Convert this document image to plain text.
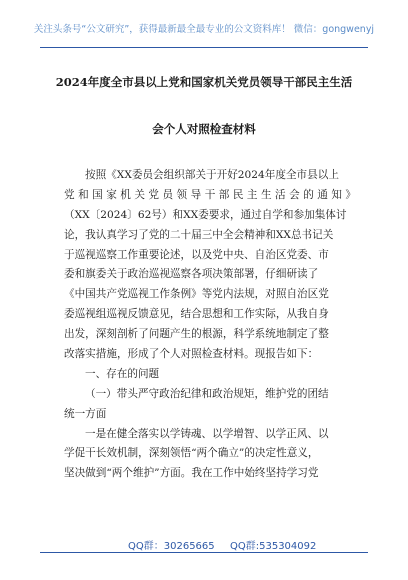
关注头条号“公文研究”，获得最新最全最专业的公文资料库！ 微信：gongwenyj
2024年度全市县以上党和国家机关党员领导干部民主生活
会个人对照检查材料
按照《XX委员会组织部关于开好2024年度全市县以上
党和国家机关党员领导干部民主生活会的通知》
（XX〔2024〕62号）和XX委要求，通过自学和参加集体讨
论，我认真学习了党的二十届三中全会精神和XX总书记关
于巡视巡察工作重要论述，以及党中央、自治区党委、市
委和旗委关于政治巡视巡察各项决策部署，仔细研读了
《中国共产党巡视工作条例》等党内法规，对照自治区党
委巡视组巡视反馈意见，结合思想和工作实际，从我自身
出发，深刻剖析了问题产生的根源，科学系统地制定了整
改落实措施，形成了个人对照检查材料。现报告如下：
一、存在的问题
（一）带头严守政治纪律和政治规矩，维护党的团结
统一方面
一是在健全落实以学铸魂、以学增智、以学正风、以
学促干长效机制，深刻领悟“两个确立”的决定性意义，
坚决做到“两个维护”方面。我在工作中始终坚持学习党
QQ群：30265665 QQ群:535304092
